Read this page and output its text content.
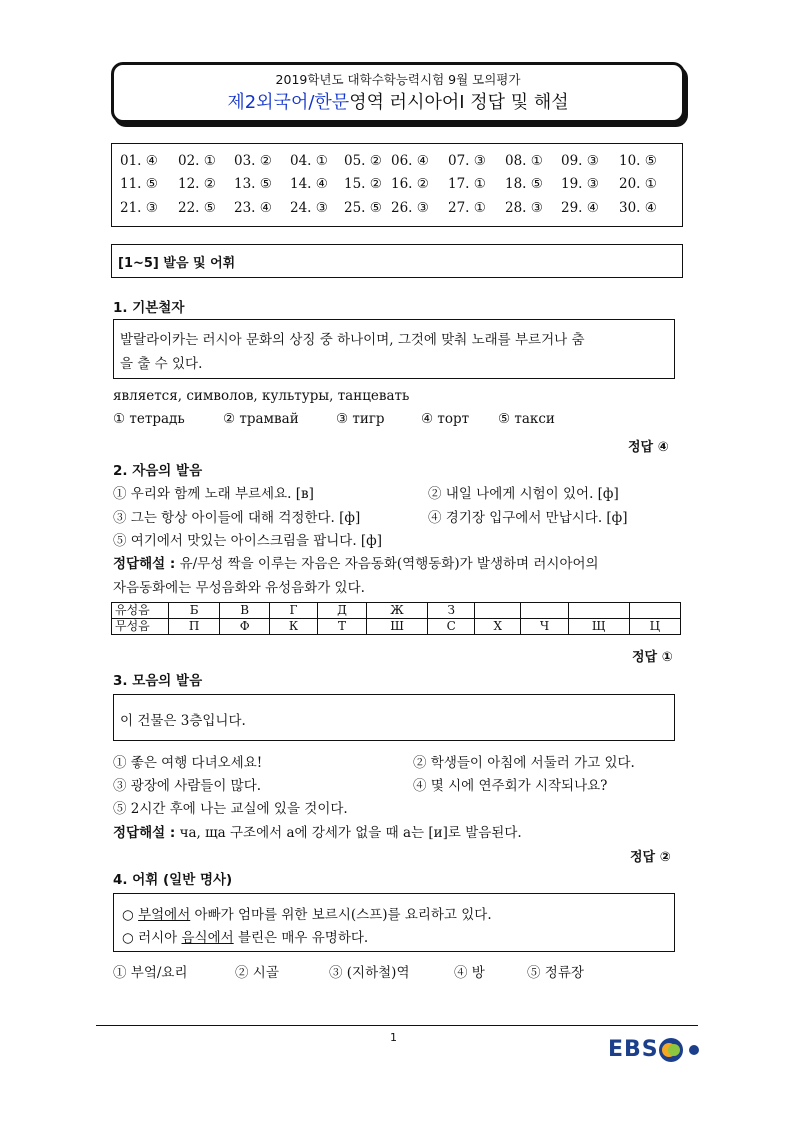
2019학년도 대학수학능력시험 9월 모의평가
제2외국어/한문영역 러시아어Ⅰ 정답 및 해설
01. ④ 02. ① 03. ② 04. ① 05. ② 06. ④ 07. ③ 08. ① 09. ③ 10. ⑤
11. ⑤ 12. ② 13. ⑤ 14. ④ 15. ② 16. ② 17. ① 18. ⑤ 19. ③ 20. ①
21. ③ 22. ⑤ 23. ④ 24. ③ 25. ⑤ 26. ③ 27. ① 28. ③ 29. ④ 30. ④
[1~5] 발음 및 어휘
1. 기본철자
발랄라이카는 러시아 문화의 상징 중 하나이며, 그것에 맞춰 노래를 부르거나 춤
을 출 수 있다.
является, символов, культуры, танцевать
① тетрадь	② трамвай	③ тигр	④ торт ⑤ такси
정답 ④
2. 자음의 발음
① 우리와 함께 노래 부르세요. [в]	② 내일 나에게 시험이 있어. [ф]
③ 그는 항상 아이들에 대해 걱정한다. [ф]	④ 경기장 입구에서 만납시다. [ф]
⑤ 여기에서 맛있는 아이스크림을 팝니다. [ф]
정답해설 : 유/무성 짝을 이루는 자음은 자음동화(역행동화)가 발생하며 러시아어의
자음동화에는 무성음화와 유성음화가 있다.
유성음	Б	В	Г	Д	Ж	З				
무성음	П	Ф	К	Т	Ш	С	Х	Ч	Щ	Ц
정답 ①
3. 모음의 발음
이 건물은 3층입니다.
① 좋은 여행 다녀오세요!	② 학생들이 아침에 서둘러 가고 있다.
③ 광장에 사람들이 많다.	④ 몇 시에 연주회가 시작되나요?
⑤ 2시간 후에 나는 교실에 있을 것이다.
정답해설 : ча, ща 구조에서 а에 강세가 없을 때 а는 [и]로 발음된다.
정답 ②
4. 어휘 (일반 명사)
○ 부엌에서 아빠가 엄마를 위한 보르시(스프)를 요리하고 있다.
○ 러시아 음식에서 블린은 매우 유명하다.
① 부엌/요리	② 시골	③ (지하철)역	④ 방	⑤ 정류장
1	EBS
